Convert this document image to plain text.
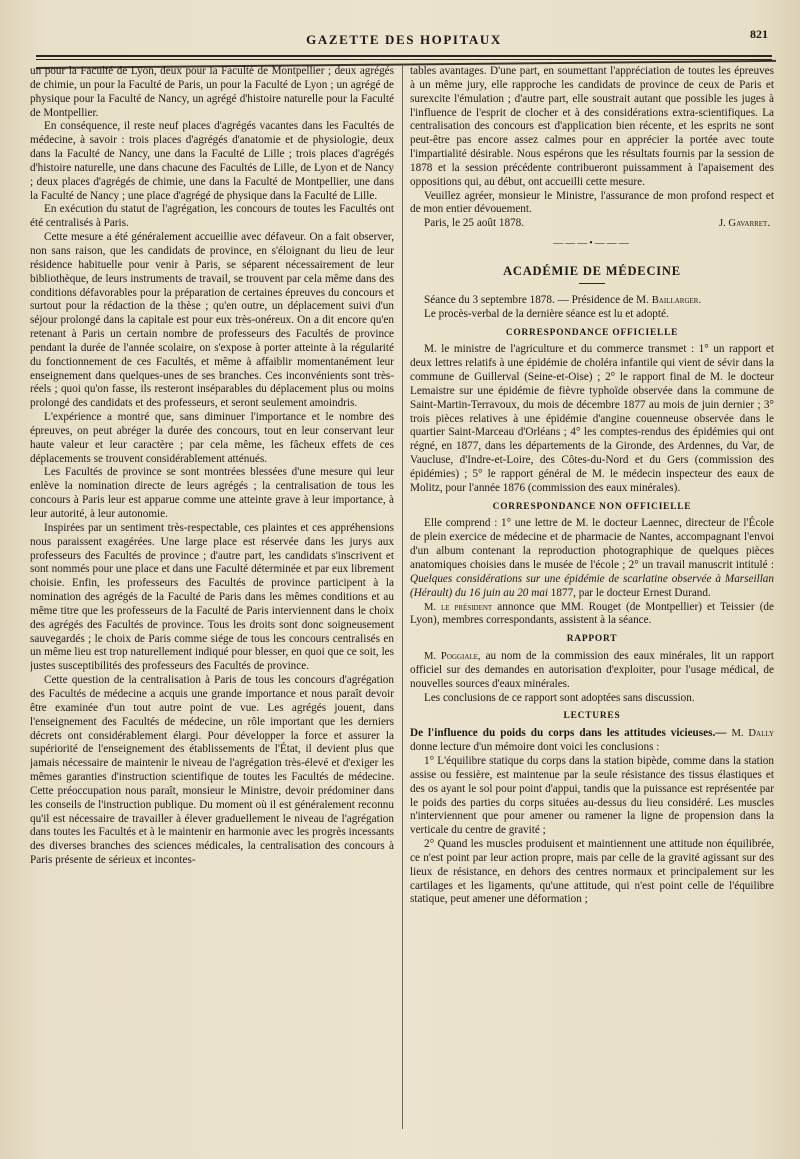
GAZETTE DES HOPITAUX	821

un pour la Faculté de Lyon, deux pour la Faculté de Montpellier ; deux agrégés de chimie, un pour la Faculté de Paris, un pour la Faculté de Lyon ; un agrégé de physique pour la Faculté de Nancy, un agrégé d'histoire naturelle pour la Faculté de Montpellier.

En conséquence, il reste neuf places d'agrégés vacantes dans les Facultés de médecine, à savoir : trois places d'agrégés d'anatomie et de physiologie, deux dans la Faculté de Nancy, une dans la Faculté de Lille ; trois places d'agrégés d'histoire naturelle, une dans chacune des Facultés de Lille, de Lyon et de Nancy ; deux places d'agrégés de chimie, une dans la Faculté de Montpellier, une dans la Faculté de Nancy ; une place d'agrégé de physique dans la Faculté de Lille.

En exécution du statut de l'agrégation, les concours de toutes les Facultés ont été centralisés à Paris.

Cette mesure a été généralement accueillie avec défaveur. On a fait observer, non sans raison, que les candidats de province, en s'éloignant du lieu de leur résidence habituelle pour venir à Paris, se séparent nécessairement de leur bibliothèque, de leurs instruments de travail, se trouvent par cela même dans des conditions défavorables pour la préparation de certaines épreuves du concours et surtout pour la rédaction de la thèse ; qu'en outre, un déplacement suivi d'un séjour prolongé dans la capitale est pour eux très-onéreux. On a dit encore qu'en retenant à Paris un certain nombre de professeurs des Facultés de province pendant la durée de l'année scolaire, on s'expose à porter atteinte à la régularité du fonctionnement de ces Facultés, et même à affaiblir momentanément leur enseignement dans quelques-unes de ses branches. Ces inconvénients sont très-réels ; quoi qu'on fasse, ils resteront inséparables du déplacement plus ou moins prolongé des candidats et des professeurs, et seront seulement amoindris.

L'expérience a montré que, sans diminuer l'importance et le nombre des épreuves, on peut abréger la durée des concours, tout en leur conservant leur haute valeur et leur caractère ; par cela même, les fâcheux effets de ces déplacements se trouvent considérablement atténués.

Les Facultés de province se sont montrées blessées d'une mesure qui leur enlève la nomination directe de leurs agrégés ; la centralisation de tous les concours à Paris leur est apparue comme une atteinte grave à leur importance, à leur autorité, à leur autonomie.

Inspirées par un sentiment très-respectable, ces plaintes et ces appréhensions nous paraissent exagérées. Une large place est réservée dans les jurys aux professeurs des Facultés de province ; d'autre part, les candidats s'inscrivent et sont nommés pour une place et dans une Faculté déterminée et par eux librement choisie. Enfin, les professeurs des Facultés de province participent à la nomination des agrégés de la Faculté de Paris dans les mêmes conditions et au même titre que les professeurs de la Faculté de Paris interviennent dans le choix des agrégés des Facultés de province. Tous les droits sont donc soigneusement sauvegardés ; le choix de Paris comme siége de tous les concours centralisés en un même lieu est trop naturellement indiqué pour blesser, en quoi que ce soit, les justes susceptibilités des professeurs des Facultés de province.

Cette question de la centralisation à Paris de tous les concours d'agrégation des Facultés de médecine a acquis une grande importance et nous paraît devoir être examinée d'un tout autre point de vue. Les agrégés jouent, dans l'enseignement des Facultés de médecine, un rôle important que les derniers décrets ont considérablement élargi. Pour développer la force et assurer la supériorité de l'enseignement des établissements de l'État, il devient plus que jamais nécessaire de maintenir le niveau de l'agrégation très-élevé et d'exiger les mêmes garanties d'instruction scientifique de toutes les Facultés de médecine. Cette préoccupation nous paraît, monsieur le Ministre, devoir prédominer dans les conseils de l'instruction publique. Du moment où il est généralement reconnu qu'il est nécessaire de travailler à élever graduellement le niveau de l'agrégation dans toutes les Facultés et à le maintenir en harmonie avec les progrès incessants des diverses branches des sciences médicales, la centralisation des concours à Paris présente de sérieux et incontes-

tables avantages. D'une part, en soumettant l'appréciation de toutes les épreuves à un même jury, elle rapproche les candidats de province de ceux de Paris et surexcite l'émulation ; d'autre part, elle soustrait autant que possible les juges à l'influence de l'esprit de clocher et à des considérations extra-scientifiques. La centralisation des concours est d'application bien récente, et les esprits ne sont peut-être pas encore assez calmes pour en apprécier la portée avec toute l'impartialité désirable. Nous espérons que les résultats fournis par la session de 1878 et la session précédente contribueront puissamment à l'apaisement des oppositions qui, au début, ont accueilli cette mesure.

Veuillez agréer, monsieur le Ministre, l'assurance de mon profond respect et de mon entier dévouement.

Paris, le 25 août 1878.	J. Gavarret.
———•———
ACADÉMIE DE MÉDECINE

Séance du 3 septembre 1878. — Présidence de M. Baillarger.

Le procès-verbal de la dernière séance est lu et adopté.

CORRESPONDANCE OFFICIELLE

M. le ministre de l'agriculture et du commerce transmet : 1° un rapport et deux lettres relatifs à une épidémie de choléra infantile qui vient de sévir dans la commune de Guillerval (Seine-et-Oise) ; 2° le rapport final de M. le docteur Lemaistre sur une épidémie de fièvre typhoïde observée dans la commune de Saint-Martin-Terravoux, du mois de décembre 1877 au mois de juin dernier ; 3° trois pièces relatives à une épidémie d'angine couenneuse observée dans le quartier Saint-Marceau d'Orléans ; 4° les comptes-rendus des épidémies qui ont régné, en 1877, dans les départements de la Gironde, des Ardennes, du Var, de Vaucluse, d'Indre-et-Loire, des Côtes-du-Nord et du Gers (commission des épidémies) ; 5° le rapport général de M. le médecin inspecteur des eaux de Molitz, pour l'année 1876 (commission des eaux minérales).

CORRESPONDANCE NON OFFICIELLE

Elle comprend : 1° une lettre de M. le docteur Laennec, directeur de l'École de plein exercice de médecine et de pharmacie de Nantes, accompagnant l'envoi d'un album contenant la reproduction photographique de quelques pièces anatomiques choisies dans le musée de l'école ; 2° un travail manuscrit intitulé : Quelques considérations sur une épidémie de scarlatine observée à Marseillan (Hérault) du 16 juin au 20 mai 1877, par le docteur Ernest Durand.

M. le président annonce que MM. Rouget (de Montpellier) et Teissier (de Lyon), membres correspondants, assistent à la séance.

RAPPORT

M. Poggiale, au nom de la commission des eaux minérales, lit un rapport officiel sur des demandes en autorisation d'exploiter, pour l'usage médical, de nouvelles sources d'eaux minérales.

Les conclusions de ce rapport sont adoptées sans discussion.

LECTURES

De l'influence du poids du corps dans les attitudes vicieuses.— M. Dally donne lecture d'un mémoire dont voici les conclusions :

1° L'équilibre statique du corps dans la station bipède, comme dans la station assise ou fessière, est maintenue par la seule résistance des tissus élastiques et des os ayant le sol pour point d'appui, tandis que la puissance est représentée par le poids des parties du corps situées au-dessus du lieu considéré. Les muscles n'interviennent que pour amener ou ramener la ligne de propension dans la verticale du centre de gravité ;

2° Quand les muscles produisent et maintiennent une attitude non équilibrée, ce n'est point par leur action propre, mais par celle de la gravité agissant sur des lieux de résistance, en dehors des centres normaux et principalement sur les cartilages et les ligaments, qu'une attitude, qui n'est point celle de l'équilibre statique, peut amener une déformation ;
